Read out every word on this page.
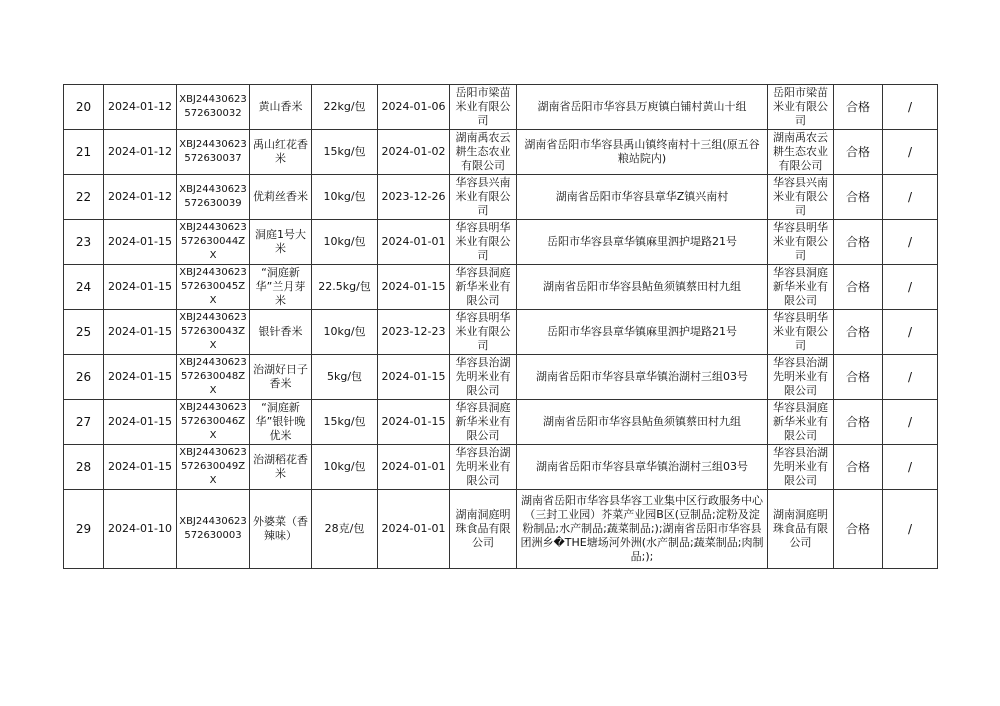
20	2024-01-12	XBJ24430623572630032	黄山香米	22kg/包	2024-01-06	岳阳市梁苗米业有限公司	湖南省岳阳市华容县万庾镇白铺村黄山十组	岳阳市梁苗米业有限公司	合格	/
21	2024-01-12	XBJ24430623572630037	禹山红花香米	15kg/包	2024-01-02	湖南禹农云耕生态农业有限公司	湖南省岳阳市华容县禹山镇终南村十三组(原五谷粮站院内)	湖南禹农云耕生态农业有限公司	合格	/
22	2024-01-12	XBJ24430623572630039	优莉丝香米	10kg/包	2023-12-26	华容县兴南米业有限公司	湖南省岳阳市华容县章华Z镇兴南村	华容县兴南米业有限公司	合格	/
23	2024-01-15	XBJ24430623572630044ZX	洞庭1号大米	10kg/包	2024-01-01	华容县明华米业有限公司	岳阳市华容县章华镇麻里泗护堤路21号	华容县明华米业有限公司	合格	/
24	2024-01-15	XBJ24430623572630045ZX	“洞庭新华”兰月芽米	22.5kg/包	2024-01-15	华容县洞庭新华米业有限公司	湖南省岳阳市华容县鲇鱼须镇蔡田村九组	华容县洞庭新华米业有限公司	合格	/
25	2024-01-15	XBJ24430623572630043ZX	银针香米	10kg/包	2023-12-23	华容县明华米业有限公司	岳阳市华容县章华镇麻里泗护堤路21号	华容县明华米业有限公司	合格	/
26	2024-01-15	XBJ24430623572630048ZX	治湖好日子香米	5kg/包	2024-01-15	华容县治湖先明米业有限公司	湖南省岳阳市华容县章华镇治湖村三组03号	华容县治湖先明米业有限公司	合格	/
27	2024-01-15	XBJ24430623572630046ZX	“洞庭新华”银针晚优米	15kg/包	2024-01-15	华容县洞庭新华米业有限公司	湖南省岳阳市华容县鲇鱼须镇蔡田村九组	华容县洞庭新华米业有限公司	合格	/
28	2024-01-15	XBJ24430623572630049ZX	治湖稻花香米	10kg/包	2024-01-01	华容县治湖先明米业有限公司	湖南省岳阳市华容县章华镇治湖村三组03号	华容县治湖先明米业有限公司	合格	/
29	2024-01-10	XBJ24430623572630003	外婆菜（香辣味）	28克/包	2024-01-01	湖南洞庭明珠食品有限公司	湖南省岳阳市华容县华容工业集中区行政服务中心（三封工业园）芥菜产业园B区(豆制品;淀粉及淀粉制品;水产制品;蔬菜制品;);湖南省岳阳市华容县团洲乡�THE塘场河外洲(水产制品;蔬菜制品;肉制品;);	湖南洞庭明珠食品有限公司	合格	/
